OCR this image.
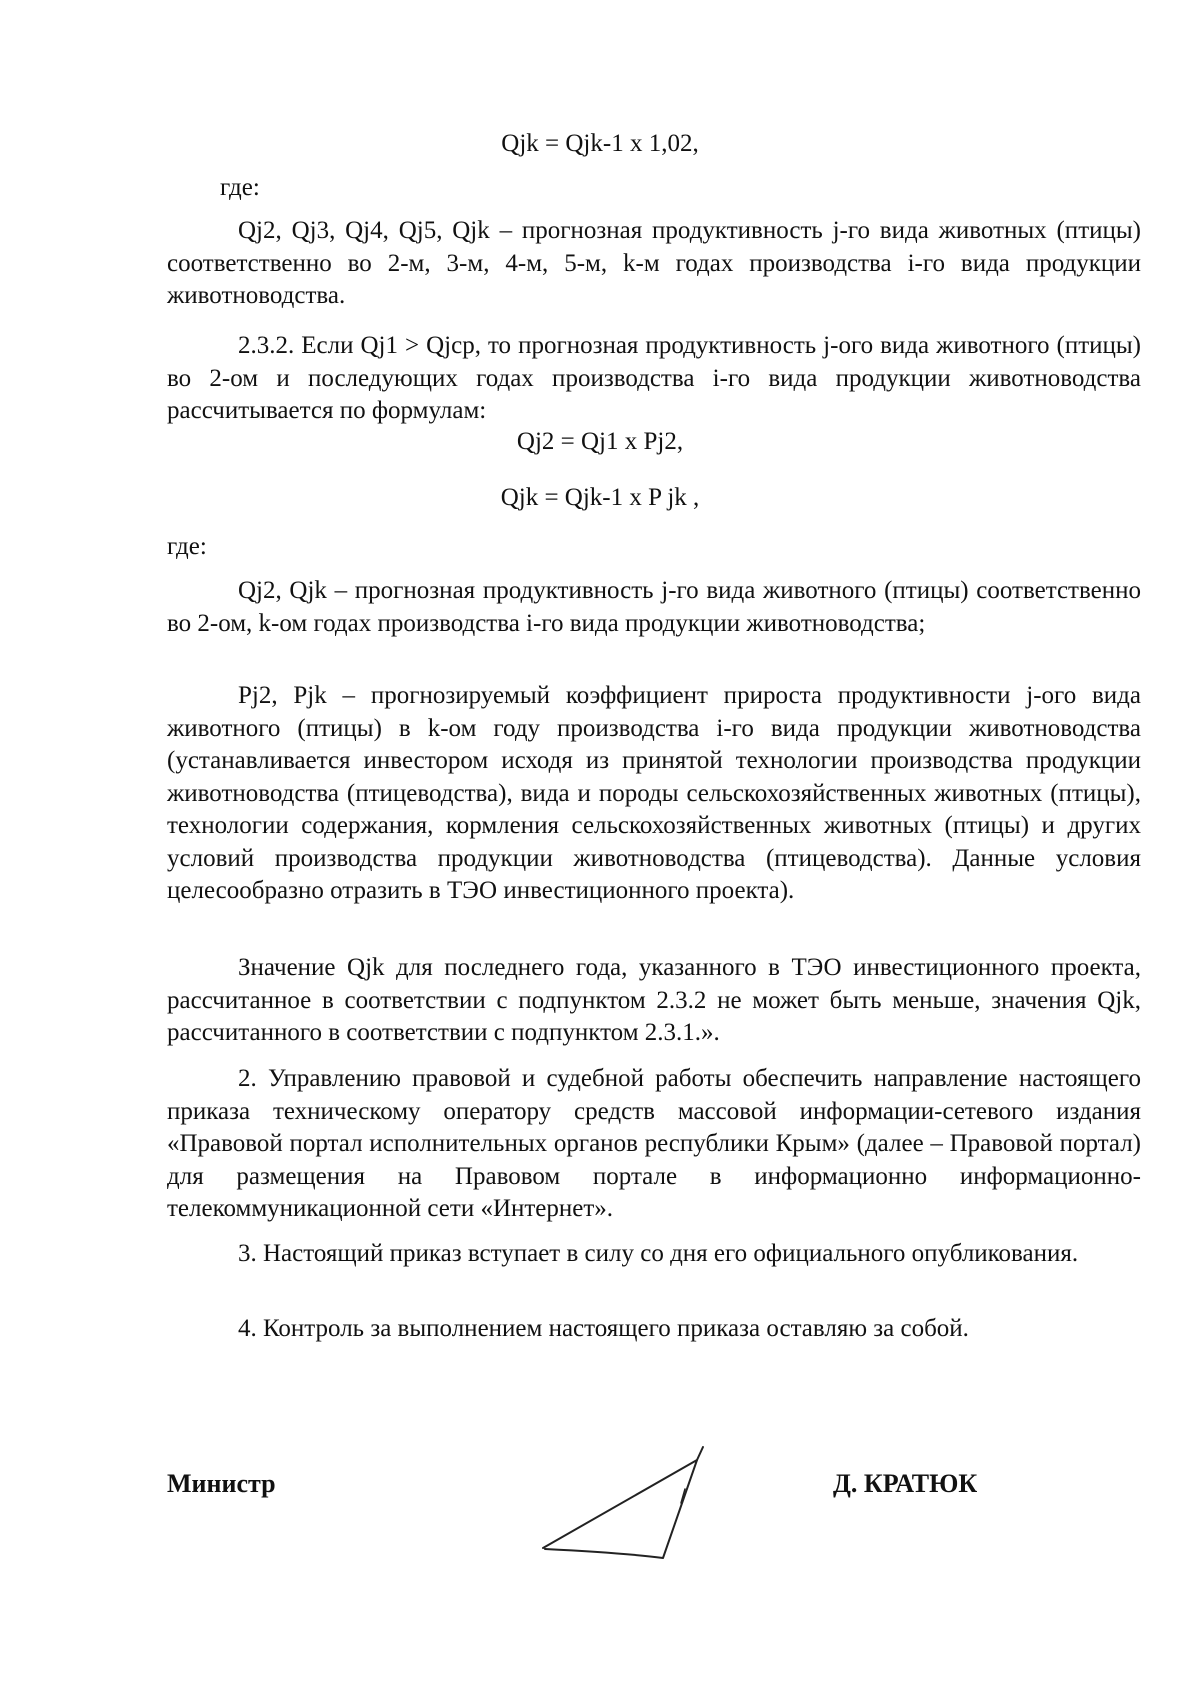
Qjk = Qjk-1 х 1,02,
где:
Qj2, Qj3, Qj4, Qj5, Qjk – прогнозная продуктивность j-го вида животных (птицы) соответственно во 2-м, 3-м, 4-м, 5-м, k-м годах производства i-го вида продукции животноводства.
2.3.2. Если Qj1 > Qjср, то прогнозная продуктивность j-ого вида животного (птицы) во 2-ом и последующих годах производства i-го вида продукции животноводства рассчитывается по формулам:
Qj2 = Qj1 х Pj2,
Qjk = Qjk-1 х P jk ,
где:
Qj2, Qjk – прогнозная продуктивность j-го вида животного (птицы) соответственно во 2-ом, k-ом годах производства i-го вида продукции животноводства;
Pj2, Pjk – прогнозируемый коэффициент прироста продуктивности j-ого вида животного (птицы) в k-ом году производства i-го вида продукции животноводства (устанавливается инвестором исходя из принятой технологии производства продукции животноводства (птицеводства), вида и породы сельскохозяйственных животных (птицы), технологии содержания, кормления сельскохозяйственных животных (птицы) и других условий производства продукции животноводства (птицеводства). Данные условия целесообразно отразить в ТЭО инвестиционного проекта).
Значение Qjk для последнего года, указанного в ТЭО инвестиционного проекта, рассчитанное в соответствии с подпунктом 2.3.2 не может быть меньше, значения Qjk, рассчитанного в соответствии с подпунктом 2.3.1.».
2. Управлению правовой и судебной работы обеспечить направление настоящего приказа техническому оператору средств массовой информации-сетевого издания «Правовой портал исполнительных органов республики Крым» (далее – Правовой портал) для размещения на Правовом портале в информационно информационно-телекоммуникационной сети «Интернет».
3. Настоящий приказ вступает в силу со дня его официального опубликования.
4. Контроль за выполнением настоящего приказа оставляю за собой.
Министр	Д. КРАТЮК
